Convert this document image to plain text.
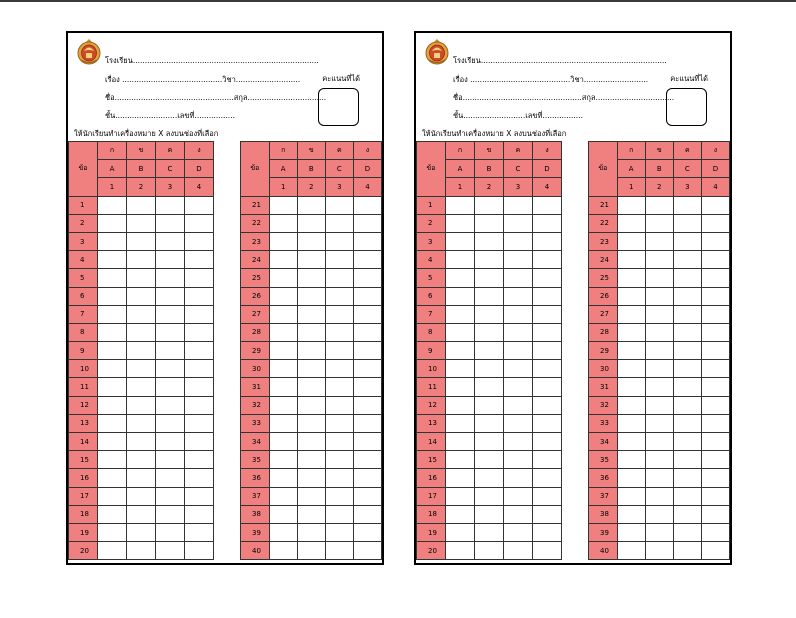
โรงเรียน..............................................................................
เรื่อง ..........................................วิชา...........................
ชื่อ..................................................สกุล.................................
ชั้น..........................เลขที่.................
คะแนนที่ได้
ให้นักเรียนทำเครื่องหมาย X ลงบนช่องที่เลือก
ข้อ	ก	ข	ค	ง
	A	B	C	D
	1	2	3	4
1				
2				
3				
4				
5				
6				
7				
8				
9				
10				
11				
12				
13				
14				
15				
16				
17				
18				
19				
20				
ข้อ	ก	ข	ค	ง
	A	B	C	D
	1	2	3	4
21				
22				
23				
24				
25				
26				
27				
28				
29				
30				
31				
32				
33				
34				
35				
36				
37				
38				
39				
40				
โรงเรียน..............................................................................
เรื่อง ..........................................วิชา...........................
ชื่อ..................................................สกุล.................................
ชั้น..........................เลขที่.................
คะแนนที่ได้
ให้นักเรียนทำเครื่องหมาย X ลงบนช่องที่เลือก
ข้อ	ก	ข	ค	ง
	A	B	C	D
	1	2	3	4
1				
2				
3				
4				
5				
6				
7				
8				
9				
10				
11				
12				
13				
14				
15				
16				
17				
18				
19				
20				
ข้อ	ก	ข	ค	ง
	A	B	C	D
	1	2	3	4
21				
22				
23				
24				
25				
26				
27				
28				
29				
30				
31				
32				
33				
34				
35				
36				
37				
38				
39				
40				
